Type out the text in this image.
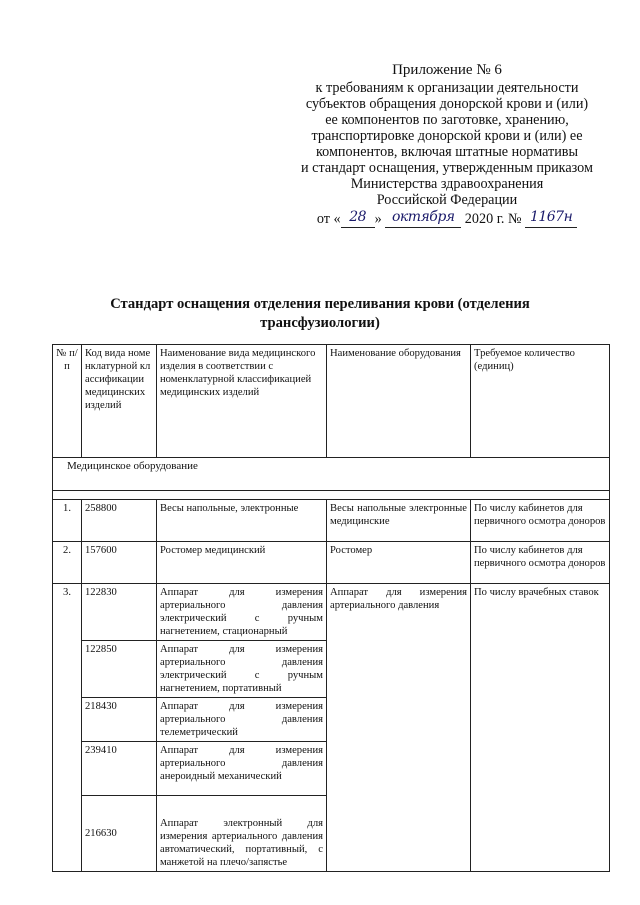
Приложение № 6
к требованиям к организации деятельности
субъектов обращения донорской крови и (или)
ее компонентов по заготовке, хранению,
транспортировке донорской крови и (или) ее
компонентов, включая штатные нормативы
и стандарт оснащения, утвержденным приказом
Министерства здравоохранения
Российской Федерации
от « 28 » октября 2020 г. № 1167н
Стандарт оснащения отделения переливания крови (отделения трансфузиологии)
№ п/п	Код вида номенклатурной классификации медицинских изделий	Наименование вида медицинского изделия в соответствии с номенклатурной классификацией медицинских изделий	Наименование оборудования	Требуемое количество (единиц)
Медицинское оборудование				

1.	258800	Весы напольные, электронные	Весы напольные электронные медицинские	По числу кабинетов для первичного осмотра доноров
2.	157600	Ростомер медицинский	Ростомер	По числу кабинетов для первичного осмотра доноров
3.	122830	Аппарат для измерения артериального давления электрический с ручным нагнетением, стационарный	Аппарат для измерения артериального давления	По числу врачебных ставок
	122850	Аппарат для измерения артериального давления электрический с ручным нагнетением, портативный		
	218430	Аппарат для измерения артериального давления телеметрический		
	239410	Аппарат для измерения артериального давления анероидный механический		
	216630	Аппарат электронный для измерения артериального давления автоматический, портативный, с манжетой на плечо/запястье		
